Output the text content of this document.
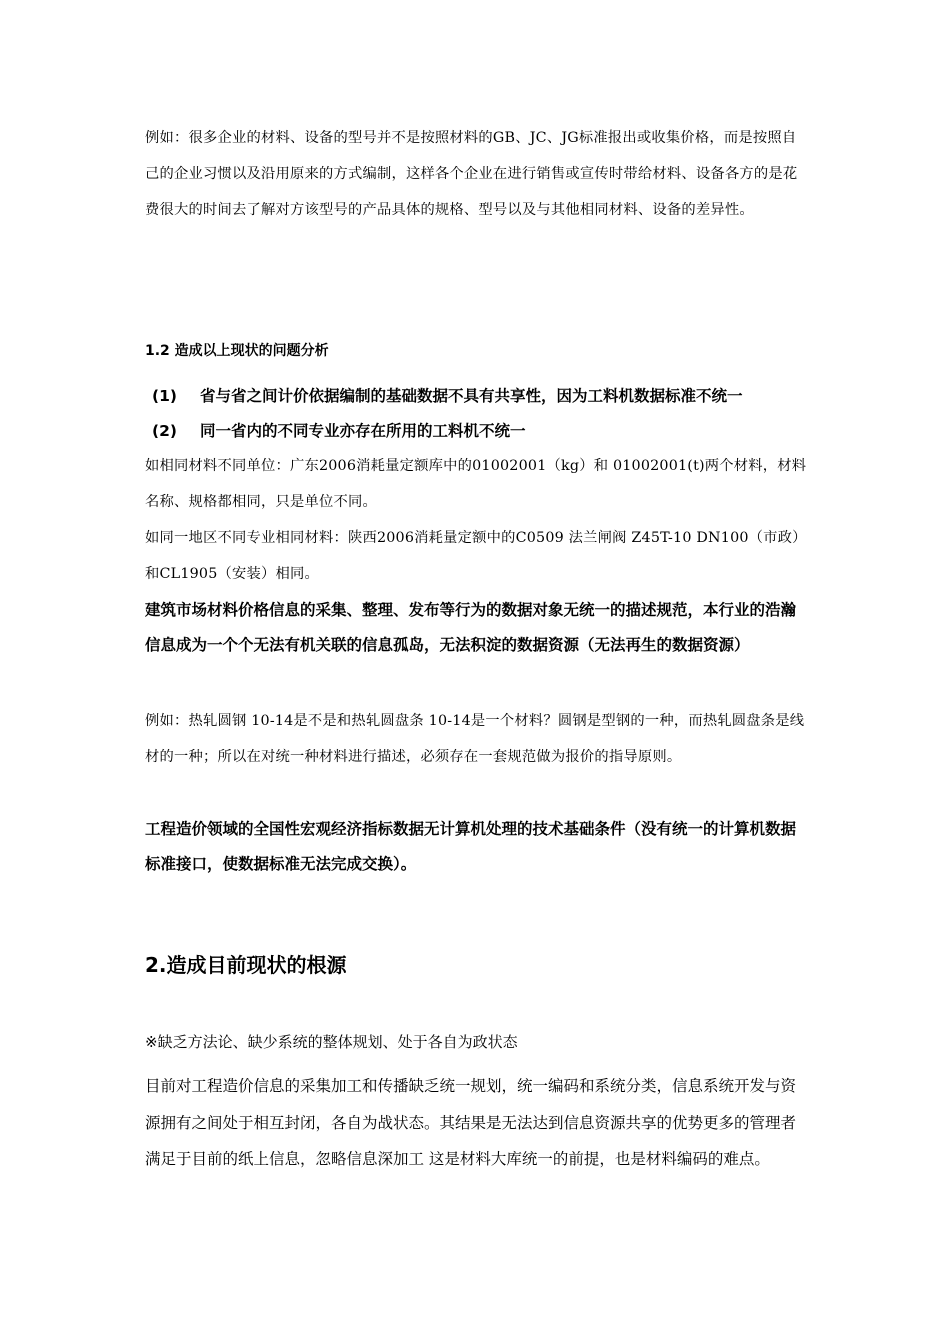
例如：很多企业的材料、设备的型号并不是按照材料的GB、JC、JG标准报出或收集价格，而是按照自己的企业习惯以及沿用原来的方式编制，这样各个企业在进行销售或宣传时带给材料、设备各方的是花费很大的时间去了解对方该型号的产品具体的规格、型号以及与其他相同材料、设备的差异性。

1.2 造成以上现状的问题分析
(1) 省与省之间计价依据编制的基础数据不具有共享性，因为工料机数据标准不统一
(2) 同一省内的不同专业亦存在所用的工料机不统一

如相同材料不同单位：广东2006消耗量定额库中的01002001（kg）和 01002001(t)两个材料，材料名称、规格都相同，只是单位不同。

如同一地区不同专业相同材料：陕西2006消耗量定额中的C0509 法兰闸阀 Z45T-10 DN100（市政）和CL1905（安装）相同。

建筑市场材料价格信息的采集、整理、发布等行为的数据对象无统一的描述规范，本行业的浩瀚信息成为一个个无法有机关联的信息孤岛，无法积淀的数据资源（无法再生的数据资源）

例如：热轧圆钢 10-14是不是和热轧圆盘条 10-14是一个材料？圆钢是型钢的一种，而热轧圆盘条是线材的一种；所以在对统一种材料进行描述，必须存在一套规范做为报价的指导原则。

工程造价领域的全国性宏观经济指标数据无计算机处理的技术基础条件（没有统一的计算机数据标准接口，使数据标准无法完成交换）。

2.造成目前现状的根源
※缺乏方法论、缺少系统的整体规划、处于各自为政状态

目前对工程造价信息的采集加工和传播缺乏统一规划，统一编码和系统分类，信息系统开发与资源拥有之间处于相互封闭，各自为战状态。其结果是无法达到信息资源共享的优势更多的管理者满足于目前的纸上信息，忽略信息深加工 这是材料大库统一的前提，也是材料编码的难点。
